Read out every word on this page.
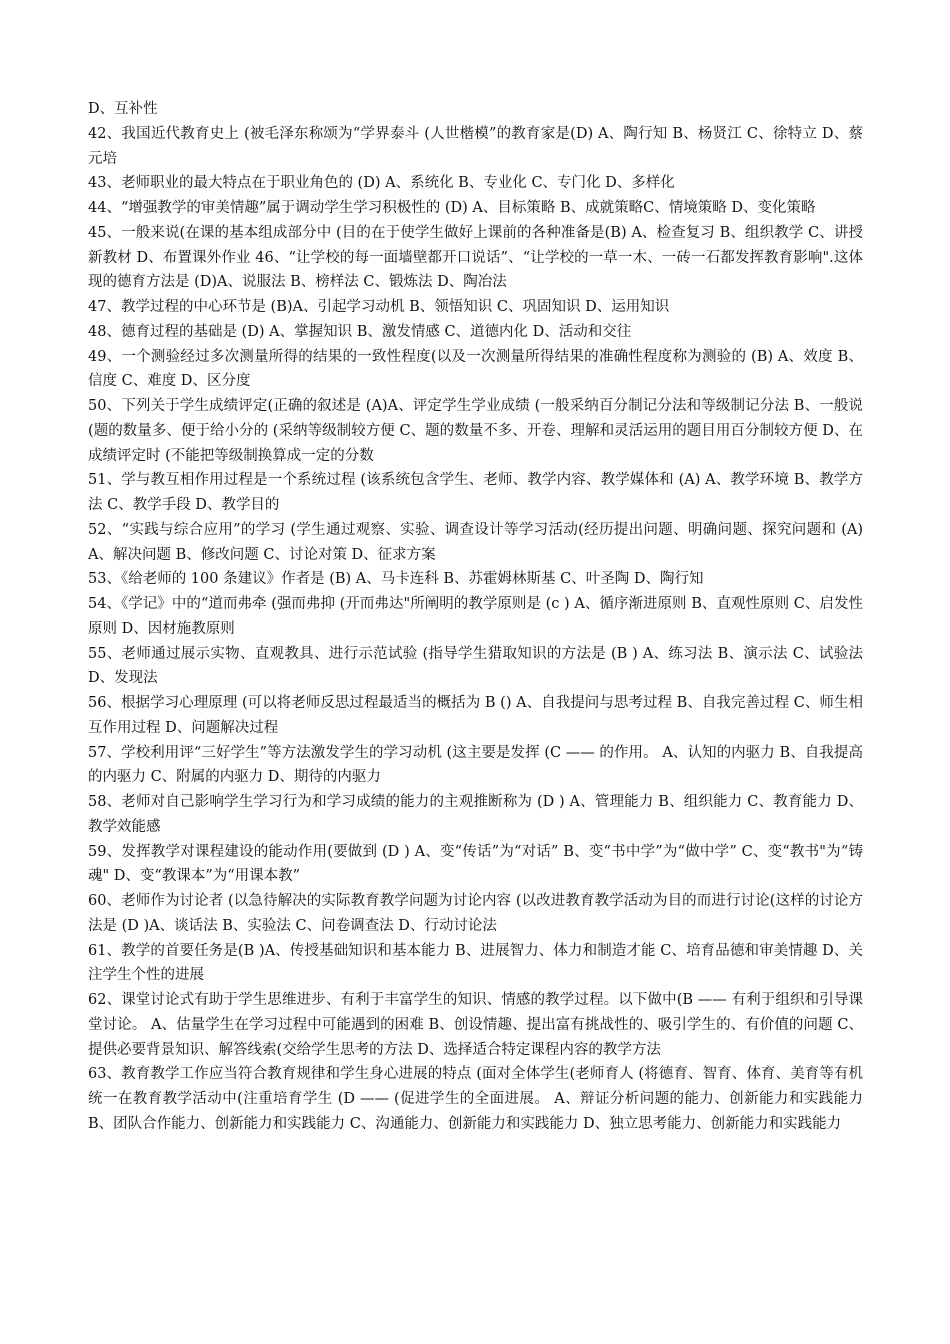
D、互补性

42、我国近代教育史上 (被毛泽东称颂为“学界泰斗 (人世楷模”的教育家是(D) A、陶行知 B、杨贤江 C、徐特立 D、蔡元培

43、老师职业的最大特点在于职业角色的 (D) A、系统化 B、专业化 C、专门化 D、多样化

44、“增强教学的审美情趣”属于调动学生学习积极性的 (D) A、目标策略 B、成就策略C、情境策略 D、变化策略

45、一般来说(在课的基本组成部分中 (目的在于使学生做好上课前的各种准备是(B) A、检查复习 B、组织教学 C、讲授新教材 D、布置课外作业 46、“让学校的每一面墙壁都开口说话”、“让学校的一草一木、一砖一石都发挥教育影响".这体现的德育方法是 (D)A、说服法 B、榜样法 C、锻炼法 D、陶冶法

47、教学过程的中心环节是 (B)A、引起学习动机 B、领悟知识 C、巩固知识 D、运用知识

48、德育过程的基础是 (D) A、掌握知识 B、激发情感 C、道德内化 D、活动和交往

49、一个测验经过多次测量所得的结果的一致性程度(以及一次测量所得结果的准确性程度称为测验的 (B) A、效度 B、信度 C、难度 D、区分度

50、下列关于学生成绩评定(正确的叙述是 (A)A、评定学生学业成绩 (一般采纳百分制记分法和等级制记分法 B、一般说 (题的数量多、便于给小分的 (采纳等级制较方便 C、题的数量不多、开卷、理解和灵活运用的题目用百分制较方便 D、在成绩评定时 (不能把等级制换算成一定的分数

51、学与教互相作用过程是一个系统过程 (该系统包含学生、老师、教学内容、教学媒体和 (A) A、教学环境 B、教学方法 C、教学手段 D、教学目的

52、“实践与综合应用”的学习 (学生通过观察、实验、调查设计等学习活动(经历提出问题、明确问题、探究问题和 (A) A、解决问题 B、修改问题 C、讨论对策 D、征求方案

53、《给老师的 100 条建议》作者是 (B) A、马卡连科 B、苏霍姆林斯基 C、叶圣陶 D、陶行知

54、《学记》中的“道而弗牵 (强而弗抑 (开而弗达"所阐明的教学原则是 (c ) A、循序渐进原则 B、直观性原则 C、启发性原则 D、因材施教原则

55、老师通过展示实物、直观教具、进行示范试验 (指导学生猎取知识的方法是 (B ) A、练习法 B、演示法 C、试验法 D、发现法

56、根据学习心理原理 (可以将老师反思过程最适当的概括为 B () A、自我提问与思考过程 B、自我完善过程 C、师生相互作用过程 D、问题解决过程

57、学校利用评“三好学生”等方法激发学生的学习动机 (这主要是发挥 (C —— 的作用。 A、认知的内驱力 B、自我提高的内驱力 C、附属的内驱力 D、期待的内驱力

58、老师对自己影响学生学习行为和学习成绩的能力的主观推断称为 (D ) A、管理能力 B、组织能力 C、教育能力 D、教学效能感

59、发挥教学对课程建设的能动作用(要做到 (D ) A、变“传话”为“对话” B、变“书中学”为“做中学” C、变“教书"为“铸魂" D、变“教课本”为“用课本教”

60、老师作为讨论者 (以急待解决的实际教育教学问题为讨论内容 (以改进教育教学活动为目的而进行讨论(这样的讨论方法是 (D )A、谈话法 B、实验法 C、问卷调查法 D、行动讨论法

61、教学的首要任务是(B )A、传授基础知识和基本能力 B、进展智力、体力和制造才能 C、培育品德和审美情趣 D、关注学生个性的进展

62、课堂讨论式有助于学生思维进步、有利于丰富学生的知识、情感的教学过程。以下做中(B —— 有利于组织和引导课堂讨论。 A、估量学生在学习过程中可能遇到的困难 B、创设情趣、提出富有挑战性的、吸引学生的、有价值的问题 C、提供必要背景知识、解答线索(交给学生思考的方法 D、选择适合特定课程内容的教学方法

63、教育教学工作应当符合教育规律和学生身心进展的特点 (面对全体学生(老师育人 (将德育、智育、体育、美育等有机统一在教育教学活动中(注重培育学生 (D —— (促进学生的全面进展。 A、辩证分析问题的能力、创新能力和实践能力 B、团队合作能力、创新能力和实践能力 C、沟通能力、创新能力和实践能力 D、独立思考能力、创新能力和实践能力
